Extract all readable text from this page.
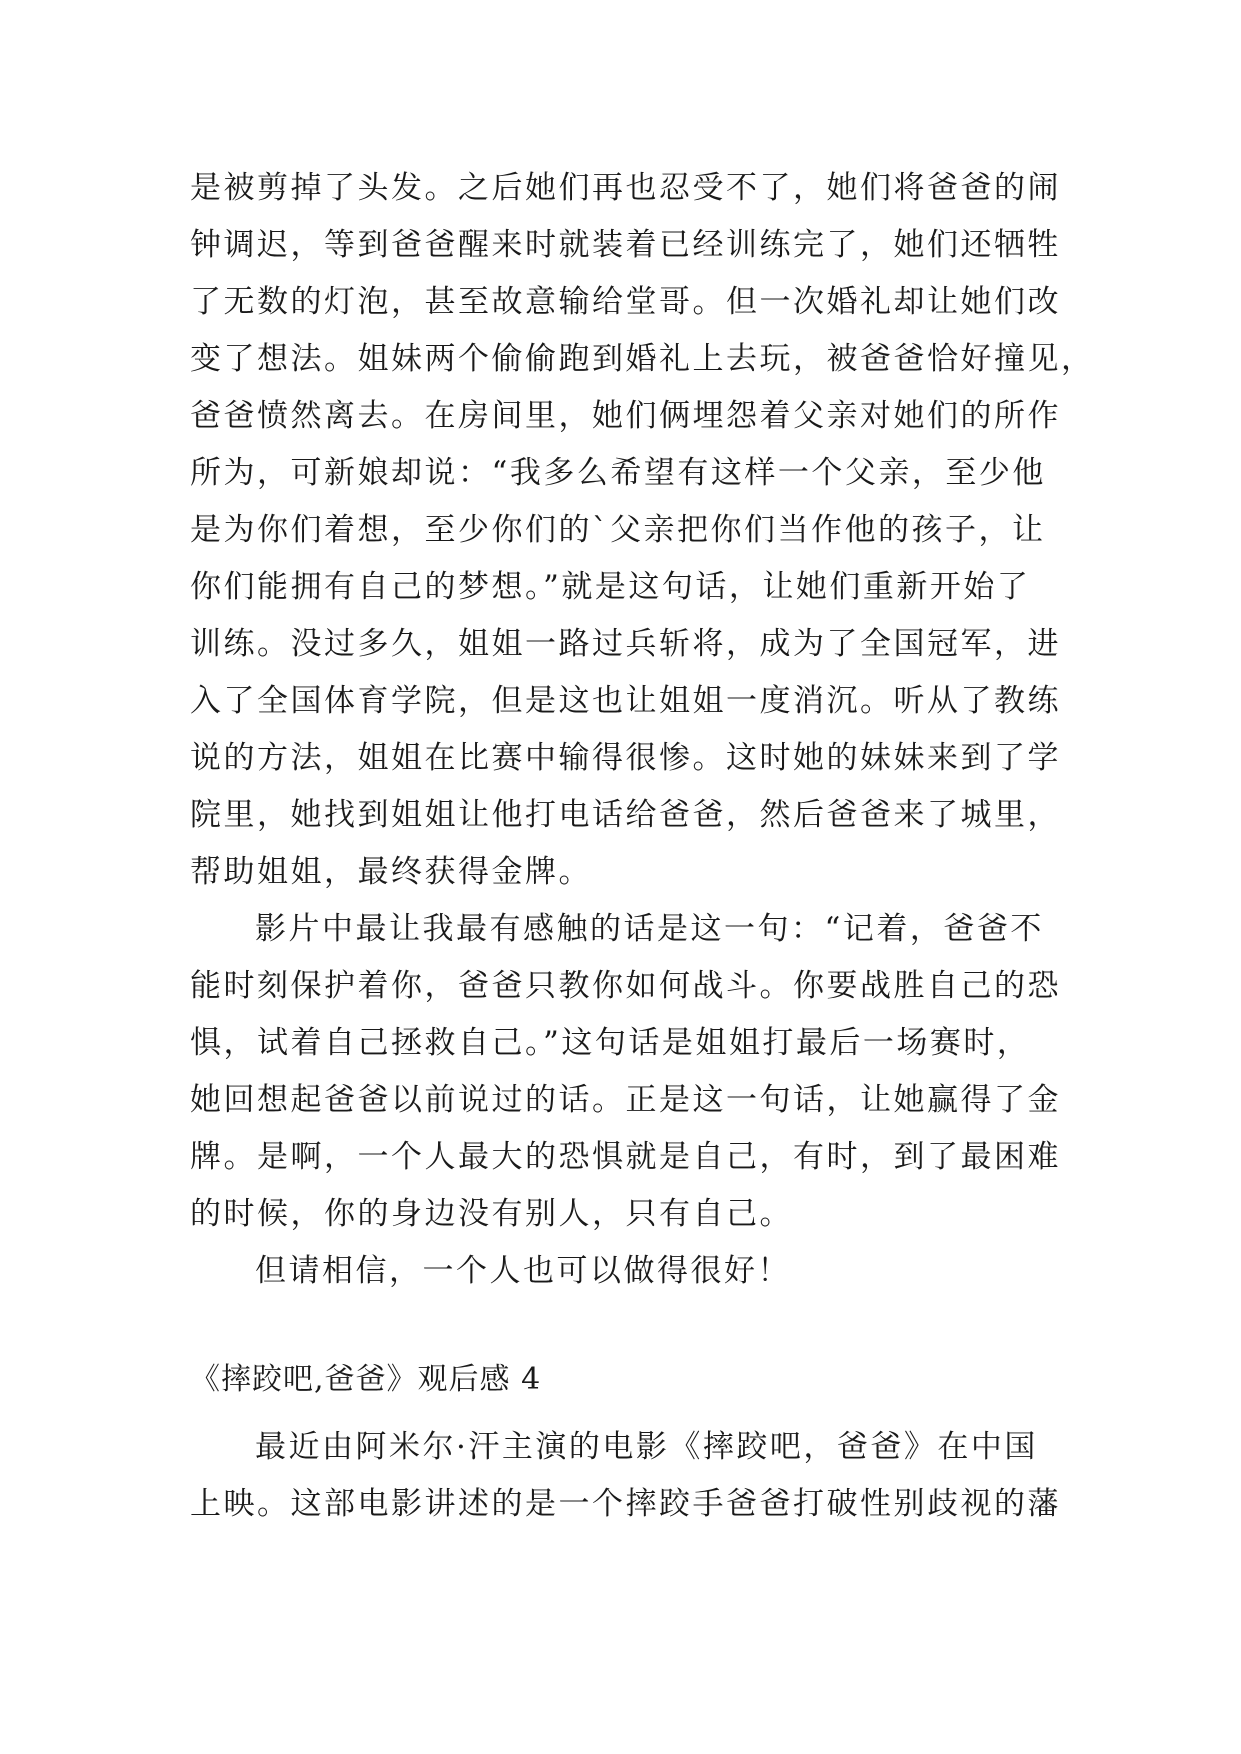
是被剪掉了头发。之后她们再也忍受不了，她们将爸爸的闹
钟调迟，等到爸爸醒来时就装着已经训练完了，她们还牺牲
了无数的灯泡，甚至故意输给堂哥。但一次婚礼却让她们改
变了想法。姐妹两个偷偷跑到婚礼上去玩，被爸爸恰好撞见，
爸爸愤然离去。在房间里，她们俩埋怨着父亲对她们的所作
所为，可新娘却说：“我多么希望有这样一个父亲，至少他
是为你们着想，至少你们的`父亲把你们当作他的孩子，让
你们能拥有自己的梦想。”就是这句话，让她们重新开始了
训练。没过多久，姐姐一路过兵斩将，成为了全国冠军，进
入了全国体育学院，但是这也让姐姐一度消沉。听从了教练
说的方法，姐姐在比赛中输得很惨。这时她的妹妹来到了学
院里，她找到姐姐让他打电话给爸爸，然后爸爸来了城里，
帮助姐姐，最终获得金牌。
影片中最让我最有感触的话是这一句：“记着，爸爸不
能时刻保护着你，爸爸只教你如何战斗。你要战胜自己的恐
惧，试着自己拯救自己。”这句话是姐姐打最后一场赛时，
她回想起爸爸以前说过的话。正是这一句话，让她赢得了金
牌。是啊，一个人最大的恐惧就是自己，有时，到了最困难
的时候，你的身边没有别人，只有自己。
但请相信，一个人也可以做得很好！
《摔跤吧,爸爸》观后感 4
最近由阿米尔·汗主演的电影《摔跤吧，爸爸》在中国
上映。这部电影讲述的是一个摔跤手爸爸打破性别歧视的藩
